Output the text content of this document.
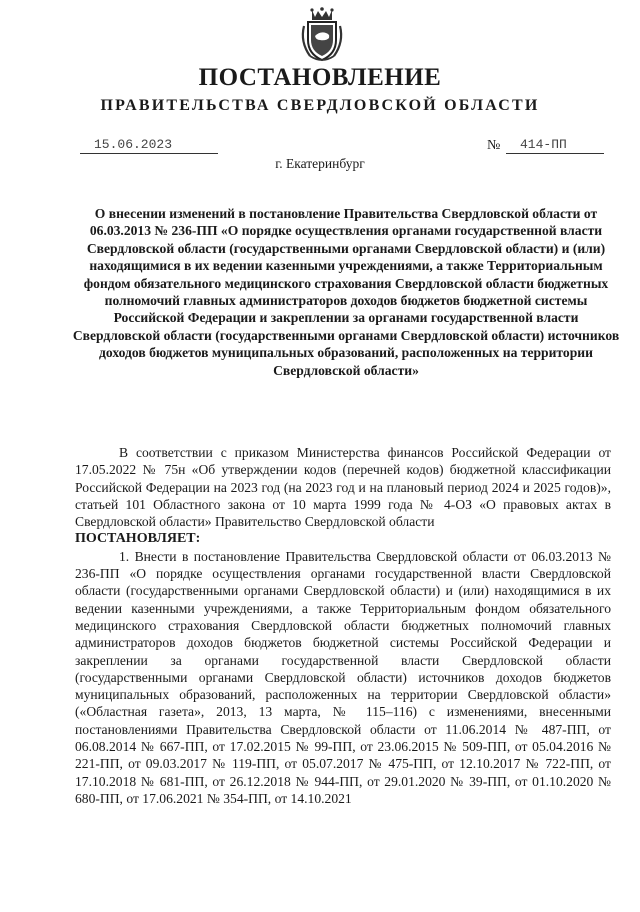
ПОСТАНОВЛЕНИЕ
ПРАВИТЕЛЬСТВА СВЕРДЛОВСКОЙ ОБЛАСТИ
15.06.2023	№	414-ПП
г. Екатеринбург

О внесении изменений в постановление Правительства Свердловской области от 06.03.2013 № 236-ПП «О порядке осуществления органами государственной власти Свердловской области (государственными органами Свердловской области) и (или) находящимися в их ведении казенными учреждениями, а также Территориальным фондом обязательного медицинского страхования Свердловской области бюджетных полномочий главных администраторов доходов бюджетов бюджетной системы Российской Федерации и закреплении за органами государственной власти Свердловской области (государственными органами Свердловской области) источников доходов бюджетов муниципальных образований, расположенных на территории Свердловской области»

В соответствии с приказом Министерства финансов Российской Федерации от 17.05.2022 № 75н «Об утверждении кодов (перечней кодов) бюджетной классификации Российской Федерации на 2023 год (на 2023 год и на плановый период 2024 и 2025 годов)», статьей 101 Областного закона от 10 марта 1999 года № 4-ОЗ «О правовых актах в Свердловской области» Правительство Свердловской области

ПОСТАНОВЛЯЕТ:

1. Внести в постановление Правительства Свердловской области от 06.03.2013 № 236-ПП «О порядке осуществления органами государственной власти Свердловской области (государственными органами Свердловской области) и (или) находящимися в их ведении казенными учреждениями, а также Территориальным фондом обязательного медицинского страхования Свердловской области бюджетных полномочий главных администраторов доходов бюджетов бюджетной системы Российской Федерации и закреплении за органами государственной власти Свердловской области (государственными органами Свердловской области) источников доходов бюджетов муниципальных образований, расположенных на территории Свердловской области» («Областная газета», 2013, 13 марта, № 115–116) с изменениями, внесенными постановлениями Правительства Свердловской области от 11.06.2014 № 487-ПП, от 06.08.2014 № 667-ПП, от 17.02.2015 № 99-ПП, от 23.06.2015 № 509-ПП, от 05.04.2016 № 221-ПП, от 09.03.2017 № 119-ПП, от 05.07.2017 № 475-ПП, от 12.10.2017 № 722-ПП, от 17.10.2018 № 681-ПП, от 26.12.2018 № 944-ПП, от 29.01.2020 № 39-ПП, от 01.10.2020 № 680-ПП, от 17.06.2021 № 354-ПП, от 14.10.2021
